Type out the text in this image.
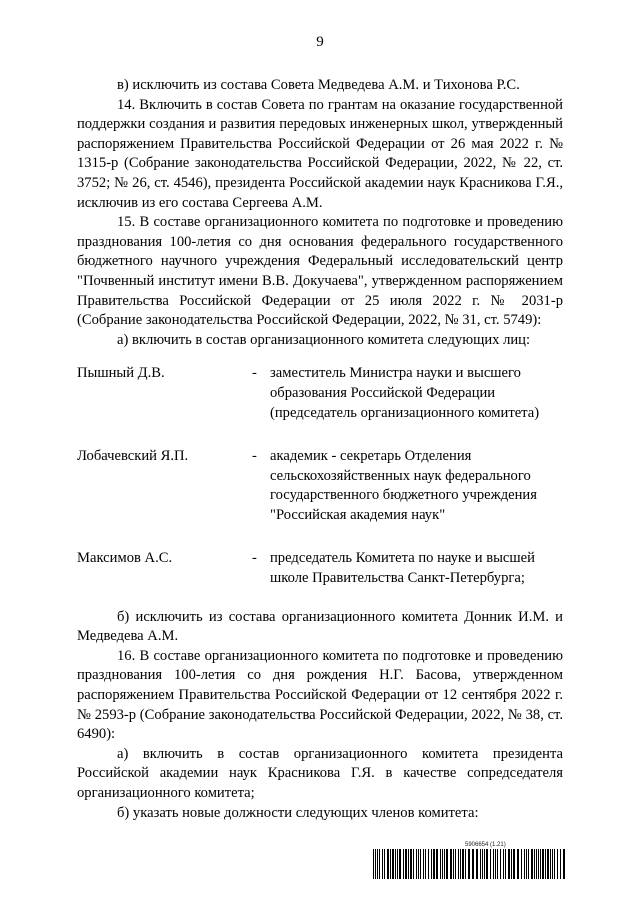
9

в) исключить из состава Совета Медведева А.М. и Тихонова Р.С.

14. Включить в состав Совета по грантам на оказание государственной поддержки создания и развития передовых инженерных школ, утвержденный распоряжением Правительства Российской Федерации от 26 мая 2022 г. № 1315-р (Собрание законодательства Российской Федерации, 2022, № 22, ст. 3752; № 26, ст. 4546), президента Российской академии наук Красникова Г.Я., исключив из его состава Сергеева А.М.

15. В составе организационного комитета по подготовке и проведению празднования 100-летия со дня основания федерального государственного бюджетного научного учреждения Федеральный исследовательский центр "Почвенный институт имени В.В. Докучаева", утвержденном распоряжением Правительства Российской Федерации от 25 июля 2022 г. № 2031-р (Собрание законодательства Российской Федерации, 2022, № 31, ст. 5749):

а) включить в состав организационного комитета следующих лиц:

Пышный Д.В.	- заместитель Министра науки и высшего образования Российской Федерации (председатель организационного комитета)
Лобачевский Я.П.	- академик - секретарь Отделения сельскохозяйственных наук федерального государственного бюджетного учреждения "Российская академия наук"
Максимов А.С.	- председатель Комитета по науке и высшей школе Правительства Санкт-Петербурга;

б) исключить из состава организационного комитета Донник И.М. и Медведева А.М.

16. В составе организационного комитета по подготовке и проведению празднования 100-летия со дня рождения Н.Г. Басова, утвержденном распоряжением Правительства Российской Федерации от 12 сентября 2022 г. № 2593-р (Собрание законодательства Российской Федерации, 2022, № 38, ст. 6490):

а) включить в состав организационного комитета президента Российской академии наук Красникова Г.Я. в качестве сопредседателя организационного комитета;

б) указать новые должности следующих членов комитета:

5906654 (1.21)
